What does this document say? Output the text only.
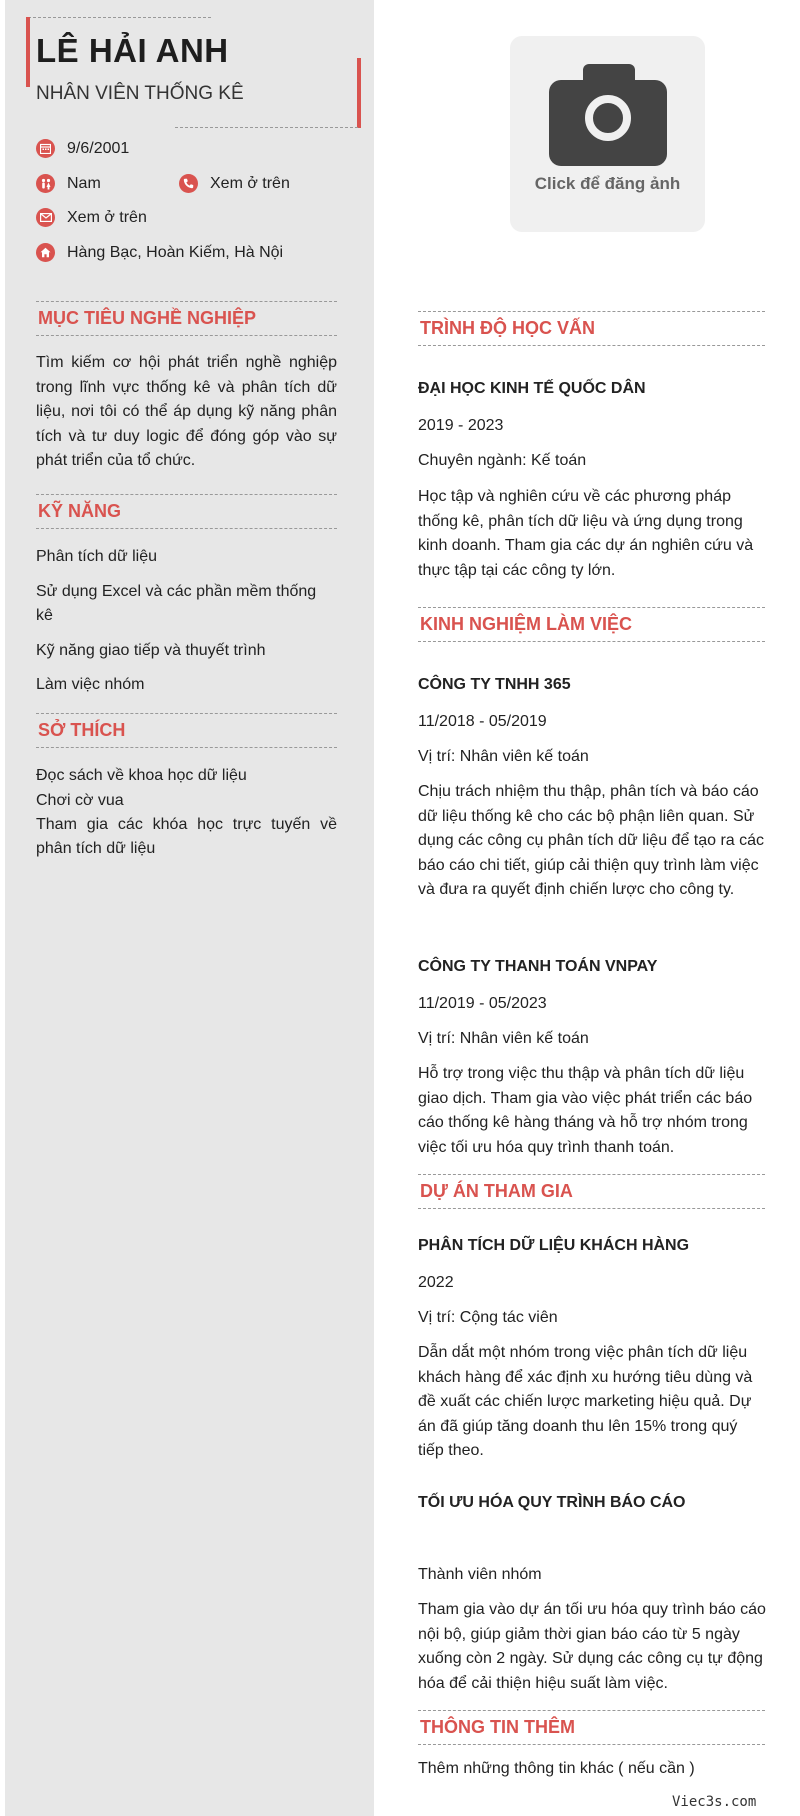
LÊ HẢI ANH
NHÂN VIÊN THỐNG KÊ
9/6/2001
Nam	Xem ở trên
Xem ở trên
Hàng Bạc, Hoàn Kiếm, Hà Nội
MỤC TIÊU NGHỀ NGHIỆP
Tìm kiếm cơ hội phát triển nghề nghiệp trong lĩnh vực thống kê và phân tích dữ liệu, nơi tôi có thể áp dụng kỹ năng phân tích và tư duy logic để đóng góp vào sự phát triển của tổ chức.
KỸ NĂNG
Phân tích dữ liệu
Sử dụng Excel và các phần mềm thống kê
Kỹ năng giao tiếp và thuyết trình
Làm việc nhóm
SỞ THÍCH
Đọc sách về khoa học dữ liệu
Chơi cờ vua
Tham gia các khóa học trực tuyến về phân tích dữ liệu
Click để đăng ảnh
TRÌNH ĐỘ HỌC VẤN
ĐẠI HỌC KINH TẾ QUỐC DÂN
2019 - 2023
Chuyên ngành: Kế toán
Học tập và nghiên cứu về các phương pháp thống kê, phân tích dữ liệu và ứng dụng trong kinh doanh. Tham gia các dự án nghiên cứu và thực tập tại các công ty lớn.
KINH NGHIỆM LÀM VIỆC
CÔNG TY TNHH 365
11/2018 - 05/2019
Vị trí: Nhân viên kế toán
Chịu trách nhiệm thu thập, phân tích và báo cáo dữ liệu thống kê cho các bộ phận liên quan. Sử dụng các công cụ phân tích dữ liệu để tạo ra các báo cáo chi tiết, giúp cải thiện quy trình làm việc và đưa ra quyết định chiến lược cho công ty.
CÔNG TY THANH TOÁN VNPAY
11/2019 - 05/2023
Vị trí: Nhân viên kế toán
Hỗ trợ trong việc thu thập và phân tích dữ liệu giao dịch. Tham gia vào việc phát triển các báo cáo thống kê hàng tháng và hỗ trợ nhóm trong việc tối ưu hóa quy trình thanh toán.
DỰ ÁN THAM GIA
PHÂN TÍCH DỮ LIỆU KHÁCH HÀNG
2022
Vị trí: Cộng tác viên
Dẫn dắt một nhóm trong việc phân tích dữ liệu khách hàng để xác định xu hướng tiêu dùng và đề xuất các chiến lược marketing hiệu quả. Dự án đã giúp tăng doanh thu lên 15% trong quý tiếp theo.
TỐI ƯU HÓA QUY TRÌNH BÁO CÁO
Thành viên nhóm
Tham gia vào dự án tối ưu hóa quy trình báo cáo nội bộ, giúp giảm thời gian báo cáo từ 5 ngày xuống còn 2 ngày. Sử dụng các công cụ tự động hóa để cải thiện hiệu suất làm việc.
THÔNG TIN THÊM
Thêm những thông tin khác ( nếu cần )
Viec3s.com
